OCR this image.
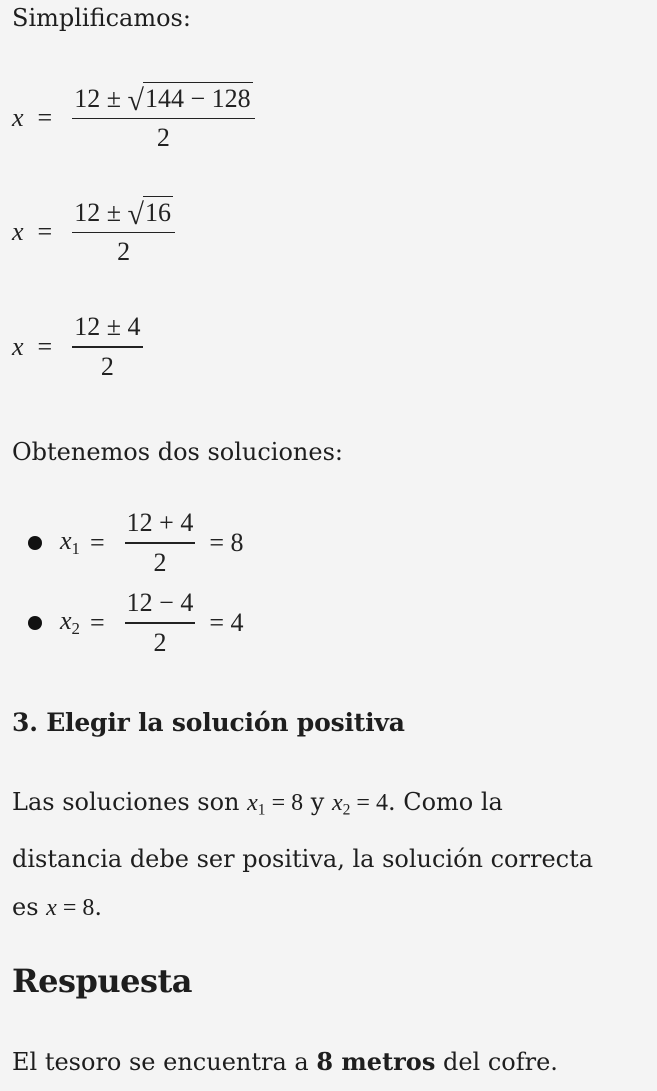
Simplificamos:

x = 12 ±
√ 144 − 128
2
x = 12 ±
√ 16
2
$x = \frac{12 \pm 4}{2}$

Obtenemos dos soluciones:

$x_1 = \frac{12 + 4}{2} = 8$
$x_2 = \frac{12 - 4}{2} = 4$
3. Elegir la solución positiva

Las soluciones son $x_1 = 8$ y $x_2 = 4$. Como la
distancia debe ser positiva, la solución correcta
es x = 8.

Respuesta

El tesoro se encuentra a 8 metros del cofre.
